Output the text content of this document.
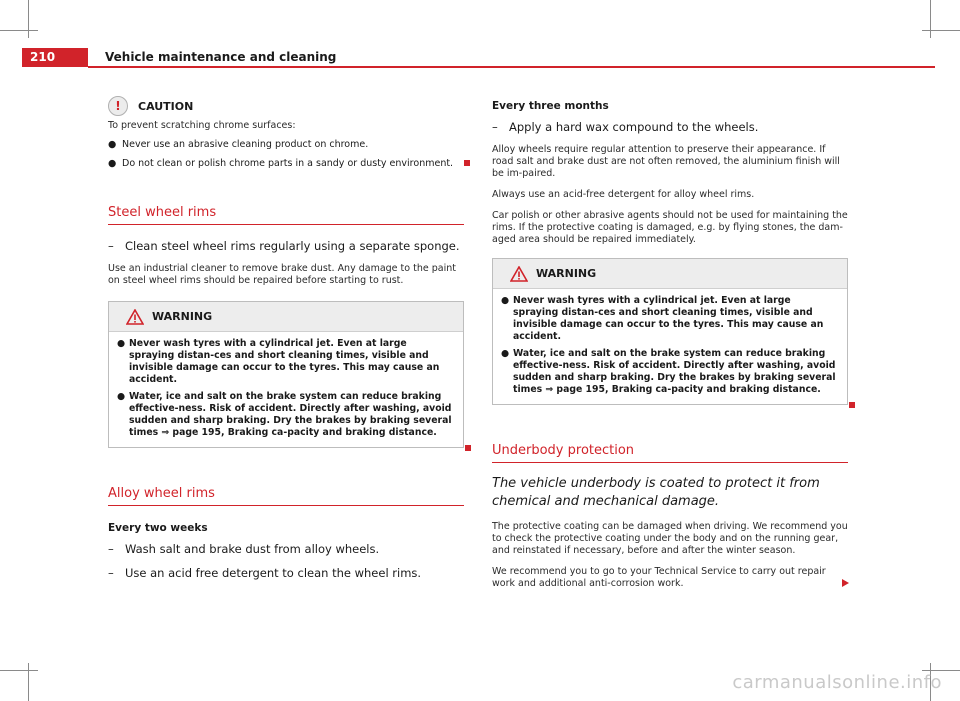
210	Vehicle maintenance and cleaning
!	CAUTION

To prevent scratching chrome surfaces:

● Never use an abrasive cleaning product on chrome.
● Do not clean or polish chrome parts in a sandy or dusty environment.
Steel wheel rims
– Clean steel wheel rims regularly using a separate sponge.

Use an industrial cleaner to remove brake dust. Any damage to the paint on steel wheel rims should be repaired before starting to rust.

WARNING
● Never wash tyres with a cylindrical jet. Even at large spraying distan-ces and short cleaning times, visible and invisible damage can occur to the tyres. This may cause an accident.
● Water, ice and salt on the brake system can reduce braking effective-ness. Risk of accident. Directly after washing, avoid sudden and sharp braking. Dry the brakes by braking several times ⇒ page 195, Braking ca-pacity and braking distance.
Alloy wheel rims
Every two weeks
– Wash salt and brake dust from alloy wheels.
– Use an acid free detergent to clean the wheel rims.
Every three months
– Apply a hard wax compound to the wheels.

Alloy wheels require regular attention to preserve their appearance. If road salt and brake dust are not often removed, the aluminium finish will be im-paired.

Always use an acid-free detergent for alloy wheel rims.

Car polish or other abrasive agents should not be used for maintaining the rims. If the protective coating is damaged, e.g. by flying stones, the dam-aged area should be repaired immediately.

WARNING
● Never wash tyres with a cylindrical jet. Even at large spraying distan-ces and short cleaning times, visible and invisible damage can occur to the tyres. This may cause an accident.
● Water, ice and salt on the brake system can reduce braking effective-ness. Risk of accident. Directly after washing, avoid sudden and sharp braking. Dry the brakes by braking several times ⇒ page 195, Braking ca-pacity and braking distance.
Underbody protection

The vehicle underbody is coated to protect it from chemical and mechanical damage.

The protective coating can be damaged when driving. We recommend you to check the protective coating under the body and on the running gear, and reinstated if necessary, before and after the winter season.

We recommend you to go to your Technical Service to carry out repair work and additional anti-corrosion work.

carmanualsonline.info
